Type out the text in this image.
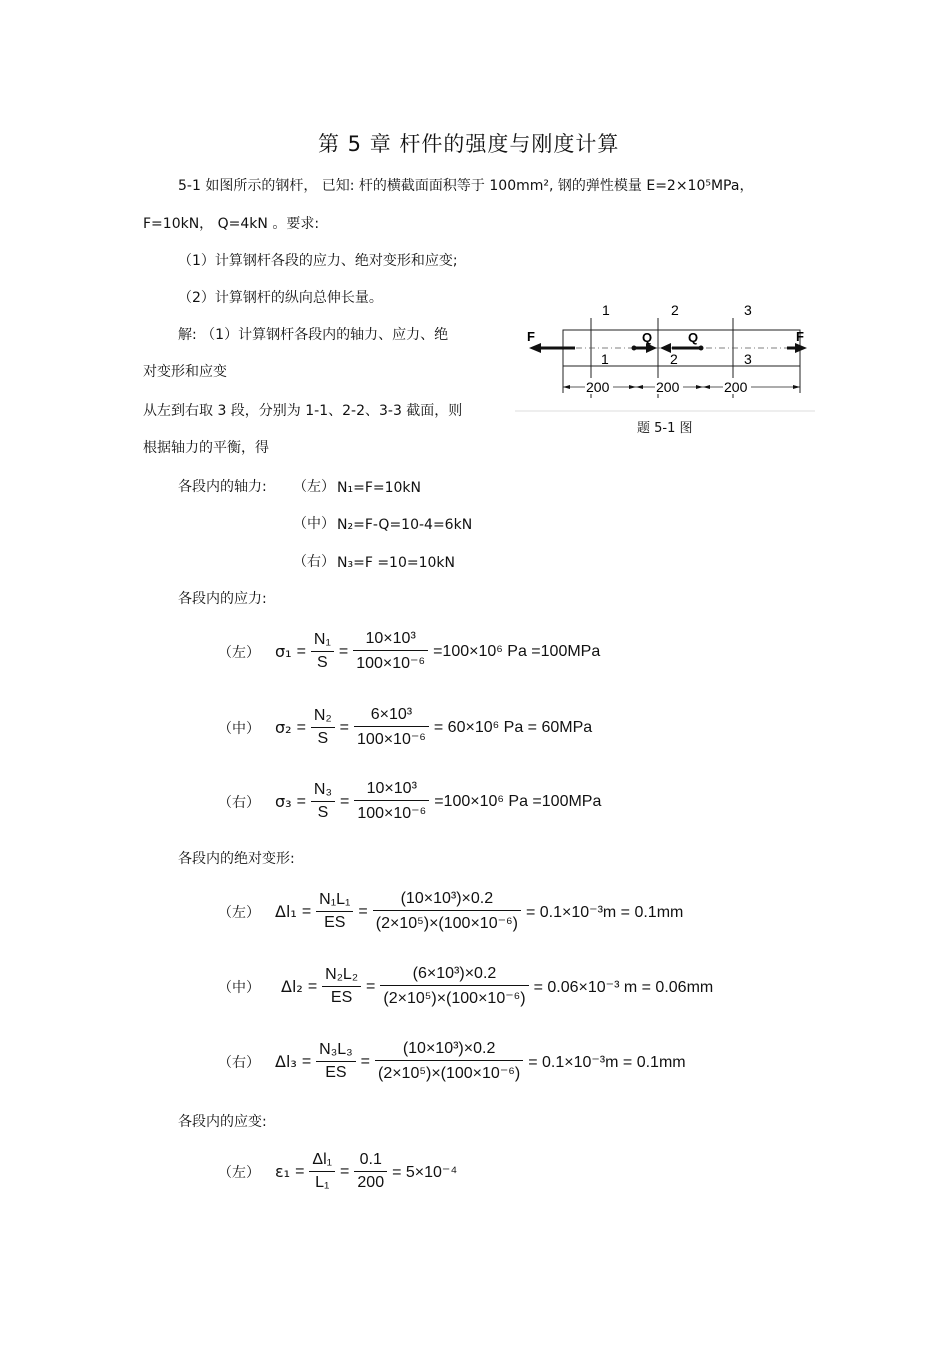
第 5 章 杆件的强度与刚度计算
5-1 如图所示的钢杆， 已知: 杆的横截面面积等于 100mm², 钢的弹性模量 E=2×10⁵MPa，
F=10kN， Q=4kN 。要求:
（1）计算钢杆各段的应力、绝对变形和应变;
（2）计算钢杆的纵向总伸长量。
解: （1）计算钢杆各段内的轴力、应力、绝
对变形和应变
从左到右取 3 段，分别为 1-1、2-2、3-3 截面，则
根据轴力的平衡，得
1	2	3
F	F
Q	Q
1	2	3
200	200	200
题 5-1 图
各段内的轴力: （左） N₁=F=10kN
（中） N₂=F-Q=10-4=6kN
（右） N₃=F =10=10kN
各段内的应力:
（左） $\sigma_1 = \frac{\text{N₁}}{S} = \frac{\text{10×10³}}{\text{100×10⁻⁶}} =100\times 10^6$ Pa =100MPa
（中） $\sigma_2 = \frac{\text{N₂}}{S} = \frac{\text{6×10³}}{\text{100×10⁻⁶}} = 60\times 10^6$ Pa = 60MPa
（右） $\sigma_3 = \frac{\text{N₃}}{S} = \frac{\text{10×10³}}{\text{100×10⁻⁶}} =100\times 10^6$ Pa =100MPa
各段内的绝对变形:
（左） $\Delta l_1 = \frac{\text{N₁L₁}}{ES} = \frac{\text{(10×10³)×0.2}}{\text{(2×10⁵)×(100×10⁻⁶)}} = 0.1\times 10^{-3}m = 0.1mm$
（中） $\Delta l_2 = \frac{\text{N₂L₂}}{ES} = \frac{\text{(6×10³)×0.2}}{\text{(2×10⁵)×(100×10⁻⁶)}} = 0.06\times 10^{-3}$ m = 0.06mm
（右） $\Delta l_3 = \frac{\text{N₃L₃}}{ES} = \frac{\text{(10×10³)×0.2}}{\text{(2×10⁵)×(100×10⁻⁶)}} = 0.1\times 10^{-3}m = 0.1mm$
各段内的应变:
（左） $\varepsilon_1 = \frac{\text{Δl₁}}{\text{L₁}} = \frac{0.1}{200} = 5\times 10^{-4}$
